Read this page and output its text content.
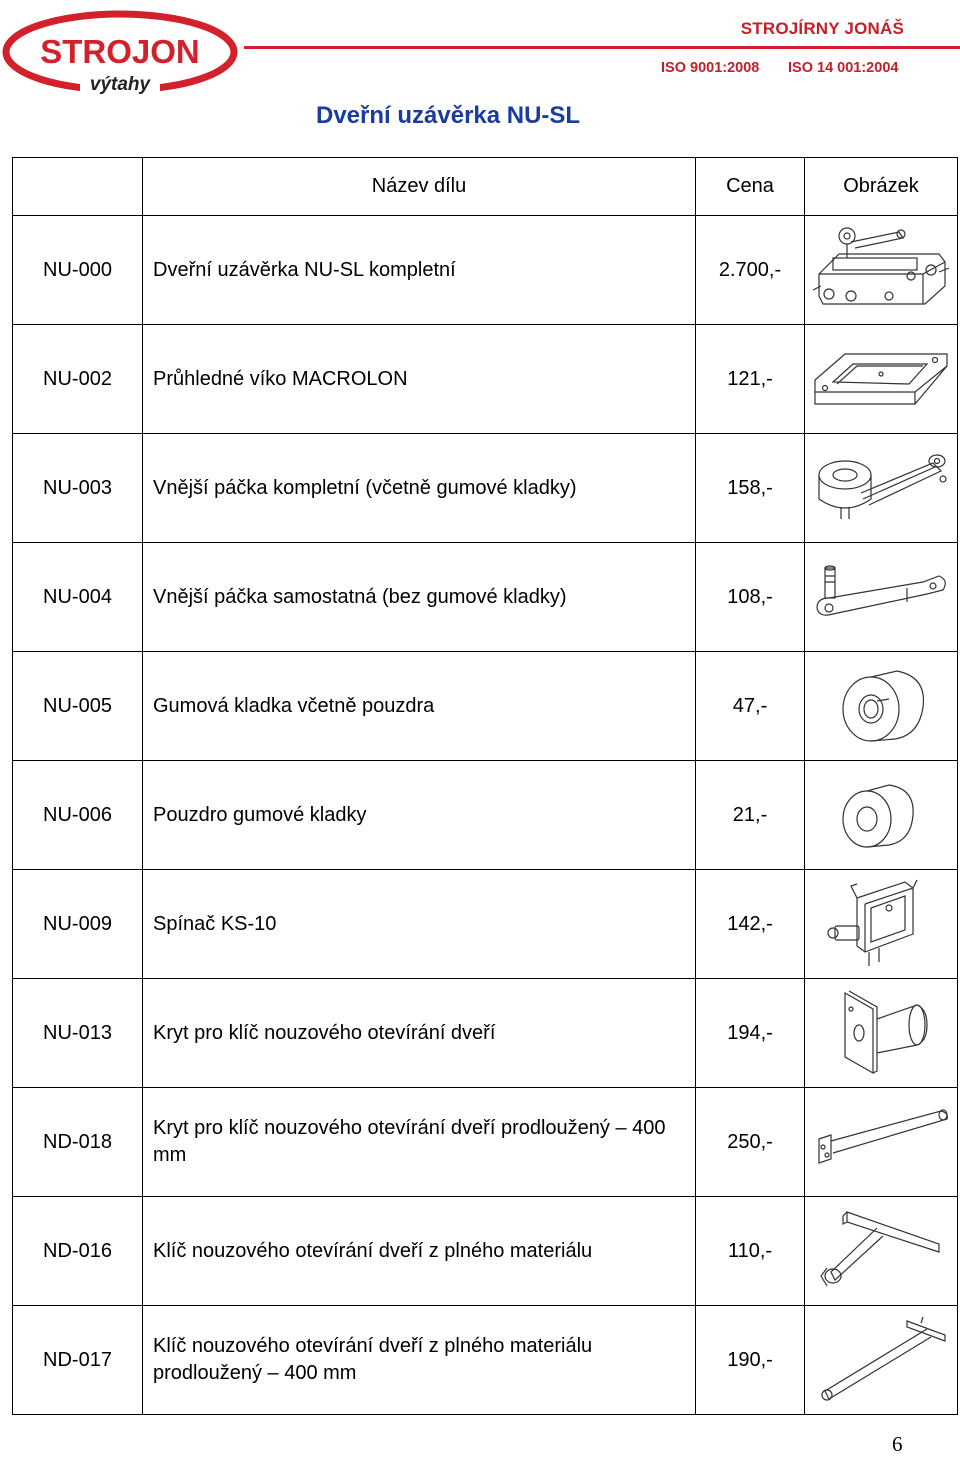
STROJON
výtahy
STROJÍRNY JONÁŠ
ISO 9001:2008 ISO 14 001:2004
Dveřní uzávěrka NU-SL
	Název dílu	Cena	Obrázek
NU-000	Dveřní uzávěrka NU-SL kompletní	2.700,-	

NU-002	Průhledné víko MACROLON	121,-	

NU-003	Vnější páčka kompletní (včetně gumové kladky)	158,-	

NU-004	Vnější páčka samostatná (bez gumové kladky)	108,-	

NU-005	Gumová kladka včetně pouzdra	47,-	

NU-006	Pouzdro gumové kladky	21,-	

NU-009	Spínač KS-10	142,-	

NU-013	Kryt pro klíč nouzového otevírání dveří	194,-	

ND-018	Kryt pro klíč nouzového otevírání dveří prodloužený – 400 mm	250,-	

ND-016	Klíč nouzového otevírání dveří z plného materiálu	110,-	

ND-017	Klíč nouzového otevírání dveří z plného materiálu prodloužený – 400 mm	190,-	
6
